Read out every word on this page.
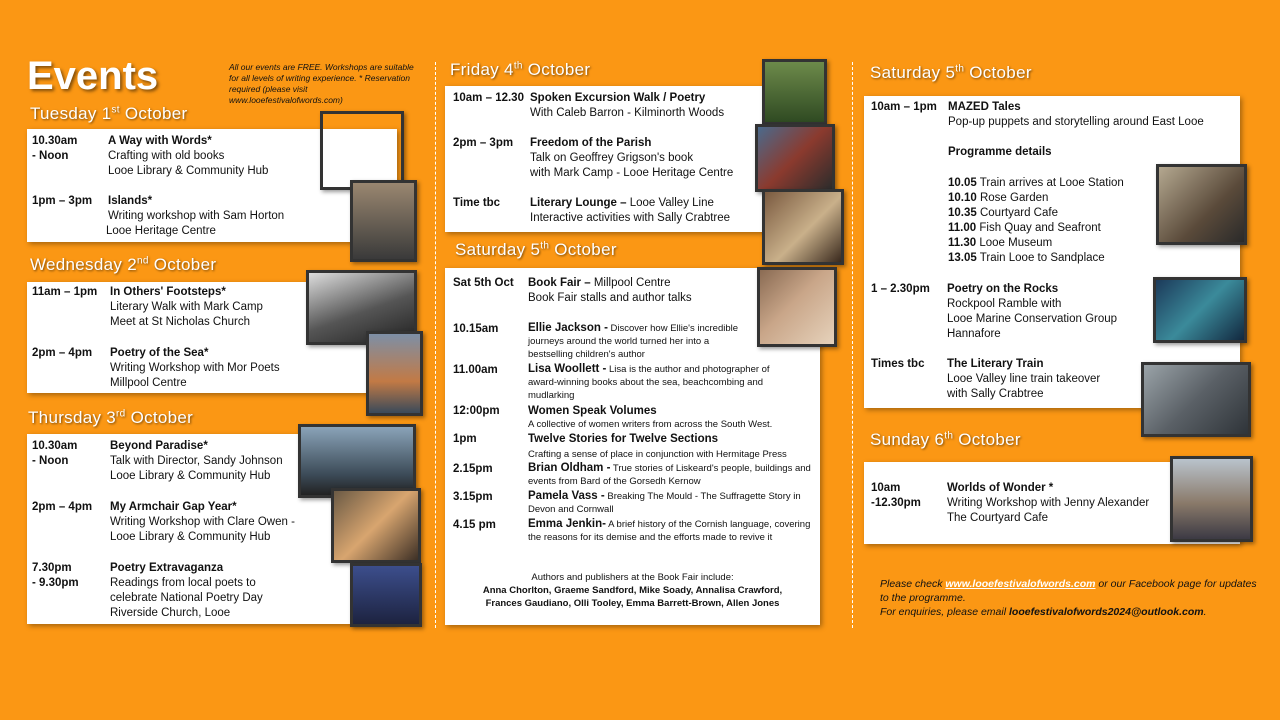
Events	All our events are FREE. Workshops are suitable for all levels of writing experience. * Reservation required (please visit www.looefestivalofwords.com)
Tuesday 1st October
10.30am
- Noon
A Way with Words*
Crafting with old books
Looe Library & Community Hub
1pm – 3pm Islands*
Writing workshop with Sam Horton
Looe Heritage Centre
Wednesday 2nd October
11am – 1pm In Others' Footsteps*
Literary Walk with Mark Camp
Meet at St Nicholas Church
2pm – 4pm Poetry of the Sea*
Writing Workshop with Mor Poets
Millpool Centre
Thursday 3rd October
10.30am
- Noon
Beyond Paradise*
Talk with Director, Sandy Johnson
Looe Library & Community Hub
2pm – 4pm My Armchair Gap Year*
Writing Workshop with Clare Owen -
Looe Library & Community Hub
7.30pm
- 9.30pm
Poetry Extravaganza
Readings from local poets to
celebrate National Poetry Day
Riverside Church, Looe
Friday 4th October
10am – 12.30 Spoken Excursion Walk / Poetry
With Caleb Barron - Kilminorth Woods
2pm – 3pm Freedom of the Parish
Talk on Geoffrey Grigson's book
with Mark Camp - Looe Heritage Centre
Time tbc	Literary Lounge – Looe Valley Line
Interactive activities with Sally Crabtree
Saturday 5th October
Sat 5th Oct Book Fair – Millpool Centre
Book Fair stalls and author talks
10.15am	Ellie Jackson - Discover how Ellie's incredible journeys around the world turned her into a bestselling children's author
11.00am	Lisa Woollett - Lisa is the author and photographer of award-winning books about the sea, beachcombing and mudlarking
12:00pm Women Speak Volumes
A collective of women writers from across the South West.
1pm	Twelve Stories for Twelve Sections
Crafting a sense of place in conjunction with Hermitage Press
2.15pm	Brian Oldham - True stories of Liskeard's people, buildings and events from Bard of the Gorsedh Kernow
3.15pm	Pamela Vass - Breaking The Mould - The Suffragette Story in Devon and Cornwall
4.15 pm	Emma Jenkin- A brief history of the Cornish language, covering the reasons for its demise and the efforts made to revive it
Authors and publishers at the Book Fair include:
Anna Chorlton, Graeme Sandford, Mike Soady, Annalisa Crawford,
Frances Gaudiano, Olli Tooley, Emma Barrett-Brown, Allen Jones
Saturday 5th October
10am – 1pm MAZED Tales
Pop-up puppets and storytelling around East Looe
Programme details
10.05 Train arrives at Looe Station
10.10 Rose Garden
10.35 Courtyard Cafe
11.00 Fish Quay and Seafront
11.30 Looe Museum
13.05 Train Looe to Sandplace
1 – 2.30pm Poetry on the Rocks
Rockpool Ramble with
Looe Marine Conservation Group
Hannafore
Times tbc The Literary Train
Looe Valley line train takeover
with Sally Crabtree
Sunday 6th October
10am
-12.30pm
Worlds of Wonder *
Writing Workshop with Jenny Alexander
The Courtyard Cafe
Please check www.looefestivalofwords.com or our Facebook page for updates to the programme.
For enquiries, please email looefestivalofwords2024@outlook.com.
